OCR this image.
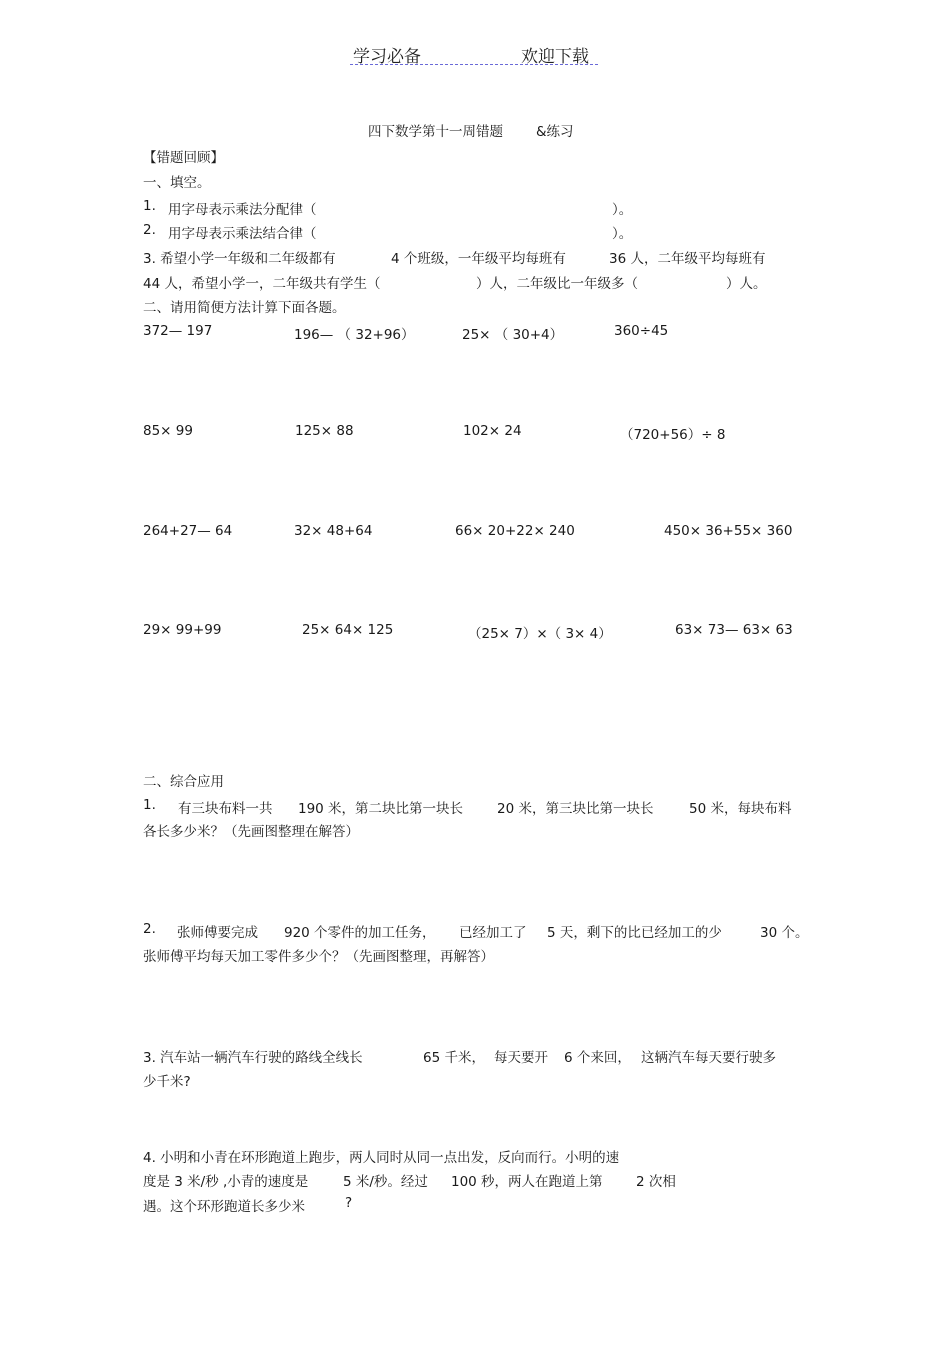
学习必备	欢迎下载
四下数学第十一周错题 &练习
【错题回顾】
一、填空。
1. 用字母表示乘法分配律（	）。
2. 用字母表示乘法结合律（	）。
3. 希望小学一年级和二年级都有	4 个班级，一年级平均每班有	36 人，二年级平均每班有
44 人，希望小学一，二年级共有学生（	）人，二年级比一年级多（	）人。
二、请用简便方法计算下面各题。
372— 197	196— （ 32+96）	25× （ 30+4）	360÷45
85× 99	125× 88	102× 24	（720+56）÷ 8
264+27— 64	32× 48+64	66× 20+22× 240	450× 36+55× 360
29× 99+99	25× 64× 125	（25× 7）×（ 3× 4）	63× 73— 63× 63
二、综合应用
1. 有三块布料一共 190 米，第二块比第一块长	20 米，第三块比第一块长	50 米，每块布料
各长多少米？（先画图整理在解答）
2. 张师傅要完成 920 个零件的加工任务， 已经加工了 5 天，剩下的比已经加工的少	30 个。
张师傅平均每天加工零件多少个？（先画图整理，再解答）
3. 汽车站一辆汽车行驶的路线全线长	65 千米， 每天要开 6 个来回， 这辆汽车每天要行驶多
少千米?
4. 小明和小青在环形跑道上跑步，两人同时从同一点出发，反向而行。小明的速
度是 3 米/秒 ,小青的速度是	5 米/秒。经过 100 秒，两人在跑道上第 2 次相
遇。这个环形跑道长多少米	?
